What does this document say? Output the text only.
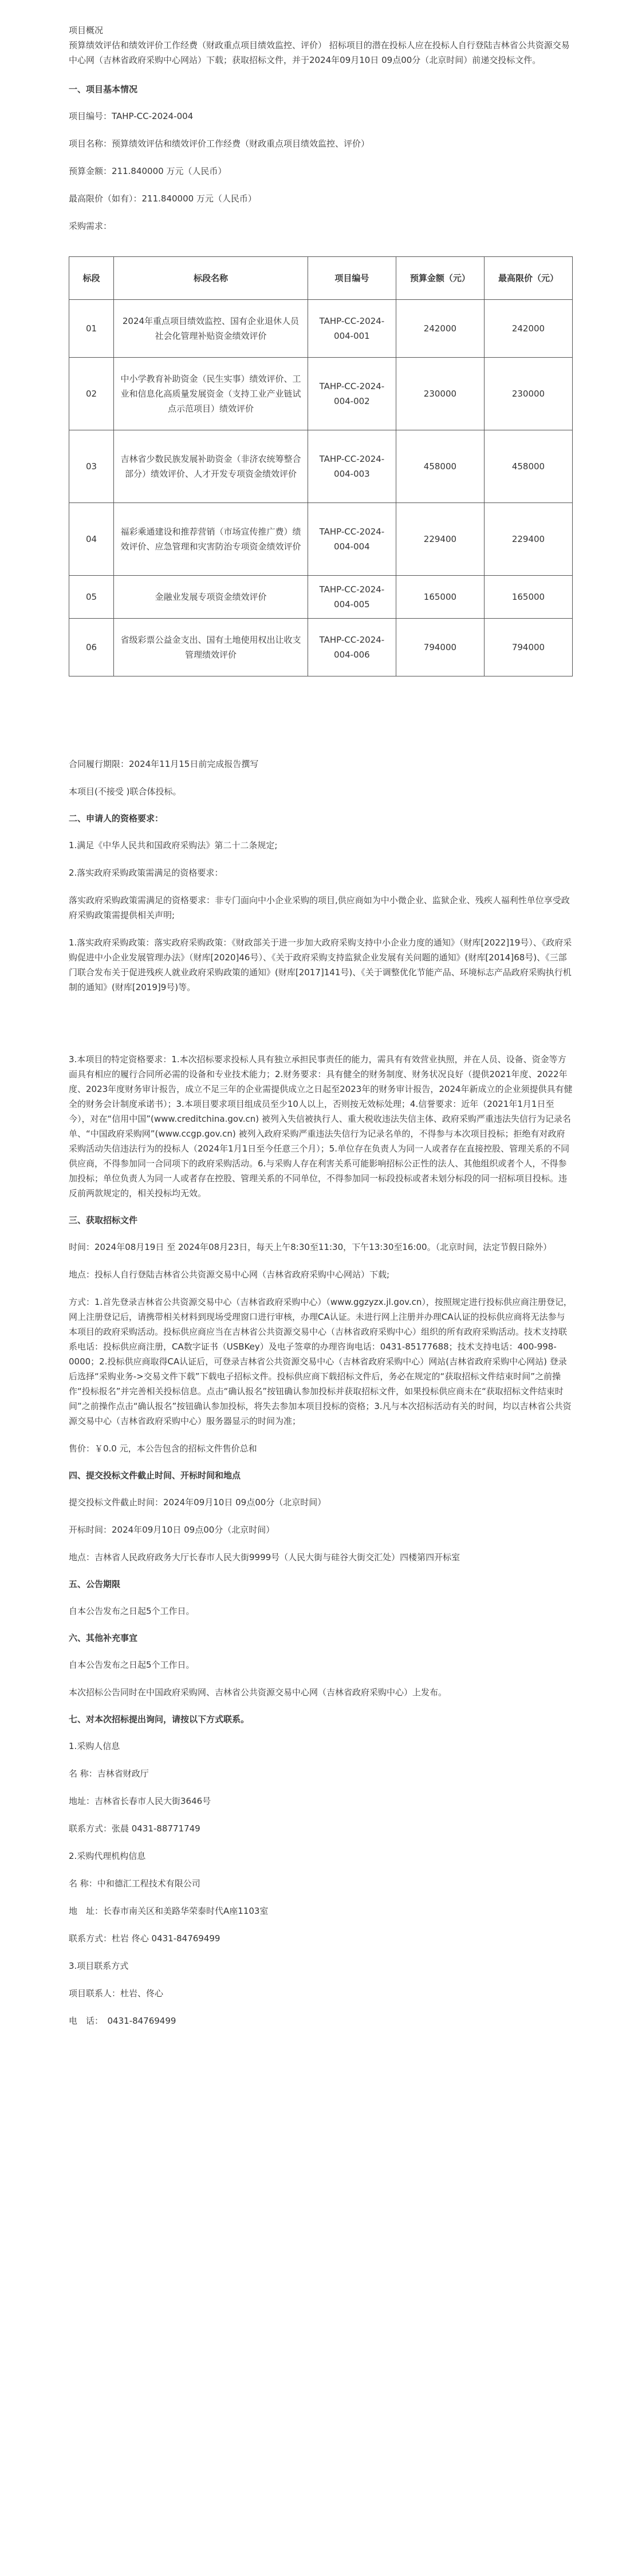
项目概况

预算绩效评估和绩效评价工作经费（财政重点项目绩效监控、评价） 招标项目的潜在投标人应在投标人自行登陆吉林省公共资源交易中心网（吉林省政府采购中心网站）下载；获取招标文件，并于2024年09月10日 09点00分（北京时间）前递交投标文件。

一、项目基本情况

项目编号：TAHP-CC-2024-004

项目名称：预算绩效评估和绩效评价工作经费（财政重点项目绩效监控、评价）

预算金额：211.840000 万元（人民币）

最高限价（如有）：211.840000 万元（人民币）

采购需求：

标段	标段名称	项目编号	预算金额（元）	最高限价（元）
01	2024年重点项目绩效监控、国有企业退休人员社会化管理补贴资金绩效评价	TAHP-CC-2024-004-001	242000	242000
02	中小学教育补助资金（民生实事）绩效评价、工业和信息化高质量发展资金（支持工业产业链试点示范项目）绩效评价	TAHP-CC-2024-004-002	230000	230000
03	吉林省少数民族发展补助资金（非济农统筹整合部分）绩效评价、人才开发专项资金绩效评价	TAHP-CC-2024-004-003	458000	458000
04	福彩乘通建设和推荐营销（市场宣传推广费）绩效评价、应急管理和灾害防治专项资金绩效评价	TAHP-CC-2024-004-004	229400	229400
05	金融业发展专项资金绩效评价	TAHP-CC-2024-004-005	165000	165000
06	省级彩票公益金支出、国有土地使用权出让收支管理绩效评价	TAHP-CC-2024-004-006	794000	794000

合同履行期限：2024年11月15日前完成报告撰写

本项目(不接受 )联合体投标。

二、申请人的资格要求：

1.满足《中华人民共和国政府采购法》第二十二条规定;

2.落实政府采购政策需满足的资格要求：

落实政府采购政策需满足的资格要求：非专门面向中小企业采购的项目,供应商如为中小微企业、监狱企业、残疾人福利性单位享受政府采购政策需提供相关声明;

1.落实政府采购政策：落实政府采购政策：《财政部关于进一步加大政府采购支持中小企业力度的通知》（财库[2022]19号）、《政府采购促进中小企业发展管理办法》（财库[2020]46号）、《关于政府采购支持监狱企业发展有关问题的通知》(财库[2014]68号)、《三部门联合发布关于促进残疾人就业政府采购政策的通知》(财库[2017]141号)、《关于调整优化节能产品、环境标志产品政府采购执行机制的通知》(财库[2019]9号)等。

3.本项目的特定资格要求：1.本次招标要求投标人具有独立承担民事责任的能力，需具有有效营业执照，并在人员、设备、资金等方面具有相应的履行合同所必需的设备和专业技术能力；2.财务要求：具有健全的财务制度、财务状况良好（提供2021年度、2022年度、2023年度财务审计报告，成立不足三年的企业需提供成立之日起至2023年的财务审计报告，2024年新成立的企业须提供具有健全的财务会计制度承诺书）；3.本项目要求项目组成员至少10人以上，否则按无效标处理；4.信誉要求：近年（2021年1月1日至今），对在“信用中国”(www.creditchina.gov.cn) 被列入失信被执行人、重大税收违法失信主体、政府采购严重违法失信行为记录名单、“中国政府采购网”(www.ccgp.gov.cn) 被列入政府采购严重违法失信行为记录名单的，不得参与本次项目投标；拒绝有对政府采购活动失信违法行为的投标人（2024年1月1日至今任意三个月）；5.单位存在负责人为同一人或者存在直接控股、管理关系的不同供应商，不得参加同一合同项下的政府采购活动。6.与采购人存在利害关系可能影响招标公正性的法人、其他组织或者个人，不得参加投标；单位负责人为同一人或者存在控股、管理关系的不同单位，不得参加同一标段投标或者未划分标段的同一招标项目投标。违反前两款规定的，相关投标均无效。

三、获取招标文件

时间：2024年08月19日 至 2024年08月23日，每天上午8:30至11:30，下午13:30至16:00。（北京时间，法定节假日除外）

地点：投标人自行登陆吉林省公共资源交易中心网（吉林省政府采购中心网站）下载;

方式：1.首先登录吉林省公共资源交易中心（吉林省政府采购中心）（www.ggzyzx.jl.gov.cn），按照规定进行投标供应商注册登记，网上注册登记后，请携带相关材料到现场受理窗口进行审核，办理CA认证。未进行网上注册并办理CA认证的投标供应商将无法参与本项目的政府采购活动。投标供应商应当在吉林省公共资源交易中心（吉林省政府采购中心）组织的所有政府采购活动。技术支持联系电话：投标供应商注册，CA数字证书（USBKey）及电子签章的办理咨询电话：0431-85177688；技术支持电话：400-998-0000；2.投标供应商取得CA认证后，可登录吉林省公共资源交易中心（吉林省政府采购中心）网站(吉林省政府采购中心网站) 登录后选择“采购业务->交易文件下载”下载电子招标文件。投标供应商下载招标文件后，务必在规定的“获取招标文件结束时间”之前操作“投标报名”并完善相关投标信息。点击“确认报名”按钮确认参加投标并获取招标文件，如果投标供应商未在“获取招标文件结束时间”之前操作点击“确认报名”按钮确认参加投标，将失去参加本项目投标的资格；3.凡与本次招标活动有关的时间，均以吉林省公共资源交易中心（吉林省政府采购中心）服务器显示的时间为准；

售价：￥0.0 元，本公告包含的招标文件售价总和

四、提交投标文件截止时间、开标时间和地点

提交投标文件截止时间：2024年09月10日 09点00分（北京时间）

开标时间：2024年09月10日 09点00分（北京时间）

地点：吉林省人民政府政务大厅长春市人民大街9999号（人民大街与硅谷大街交汇处）四楼第四开标室

五、公告期限

自本公告发布之日起5个工作日。

六、其他补充事宜

自本公告发布之日起5个工作日。

本次招标公告同时在中国政府采购网、吉林省公共资源交易中心网（吉林省政府采购中心）上发布。

七、对本次招标提出询问，请按以下方式联系。

1.采购人信息

名 称：吉林省财政厅

地址：吉林省长春市人民大街3646号

联系方式：张晨 0431-88771749

2.采购代理机构信息

名 称：中和德汇工程技术有限公司

地　址：长春市南关区和美路华荣泰时代A座1103室

联系方式：杜岩 佟心 0431-84769499

3.项目联系方式

项目联系人：杜岩、佟心

电　话：　0431-84769499
